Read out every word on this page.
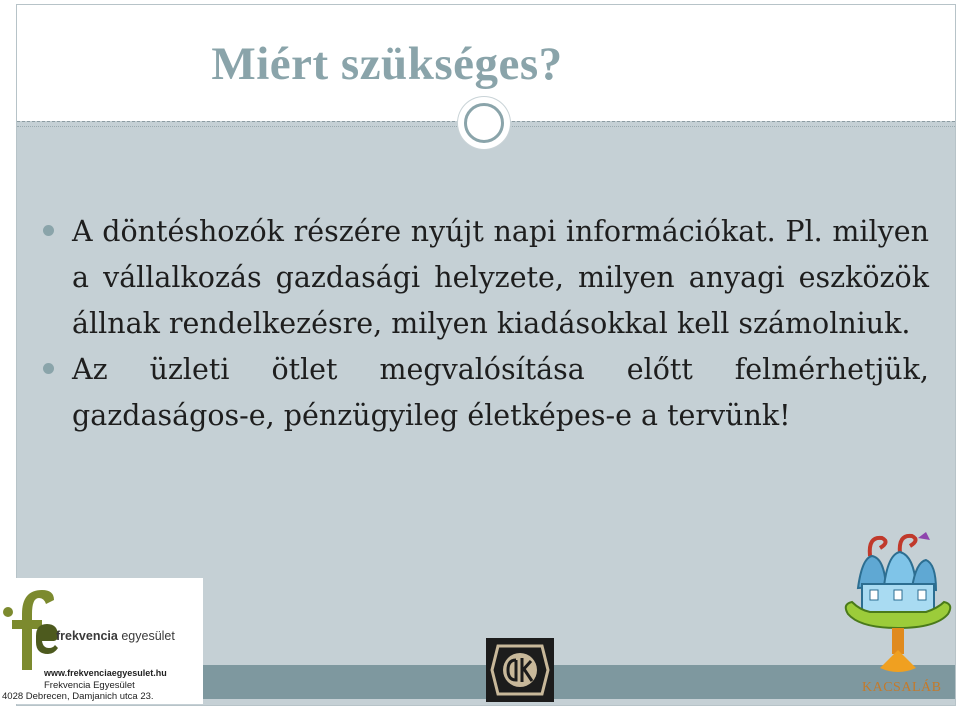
Miért szükséges?
A döntéshozók részére nyújt napi információkat. Pl. milyen a vállalkozás gazdasági helyzete, milyen anyagi eszközök állnak rendelkezésre, milyen kiadásokkal kell számolniuk.
Az üzleti ötlet megvalósítása előtt felmérhetjük, gazdaságos-e, pénzügyileg életképes-e a tervünk!
frekvencia egyesület
www.frekvenciaegyesulet.hu
Frekvencia Egyesület
4028 Debrecen, Damjanich utca 23.
KACSALÁB
